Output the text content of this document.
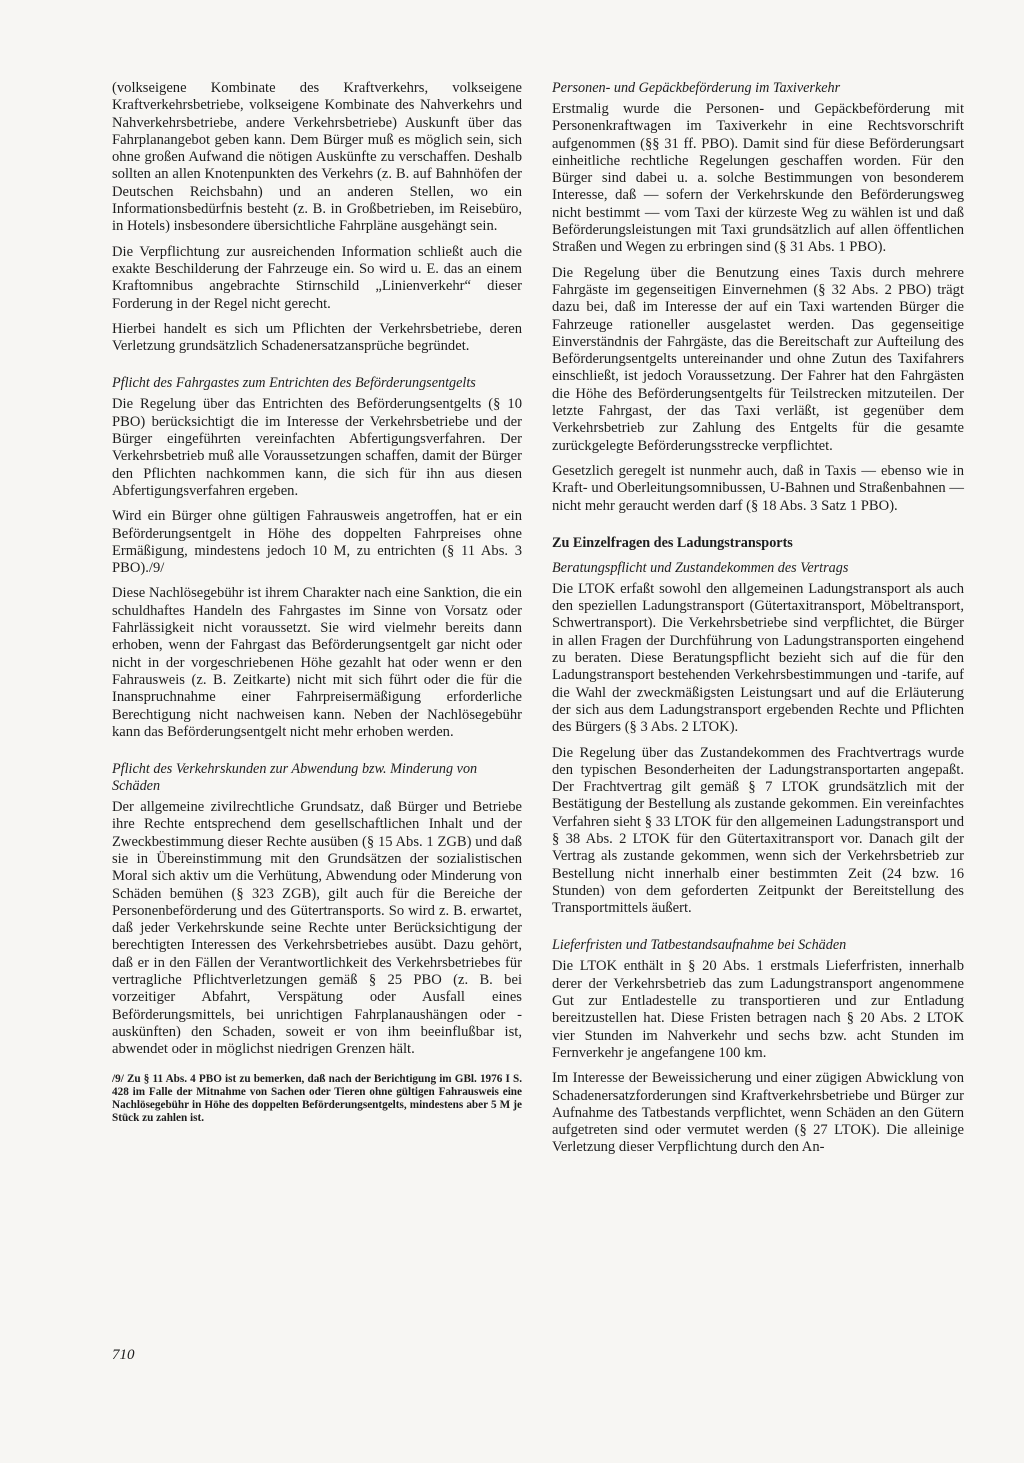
(volkseigene Kombinate des Kraftverkehrs, volkseigene Kraftverkehrsbetriebe, volkseigene Kombinate des Nahverkehrs und Nahverkehrsbetriebe, andere Verkehrsbetriebe) Auskunft über das Fahrplanangebot geben kann. Dem Bürger muß es möglich sein, sich ohne großen Aufwand die nötigen Auskünfte zu verschaffen. Deshalb sollten an allen Knotenpunkten des Verkehrs (z. B. auf Bahnhöfen der Deutschen Reichsbahn) und an anderen Stellen, wo ein Informationsbedürfnis besteht (z. B. in Großbetrieben, im Reisebüro, in Hotels) insbesondere übersichtliche Fahrpläne ausgehängt sein.

Die Verpflichtung zur ausreichenden Information schließt auch die exakte Beschilderung der Fahrzeuge ein. So wird u. E. das an einem Kraftomnibus angebrachte Stirnschild „Linienverkehr“ dieser Forderung in der Regel nicht gerecht.

Hierbei handelt es sich um Pflichten der Verkehrsbetriebe, deren Verletzung grundsätzlich Schadenersatzansprüche begründet.

Pflicht des Fahrgastes zum Entrichten des Beförderungsentgelts

Die Regelung über das Entrichten des Beförderungsentgelts (§ 10 PBO) berücksichtigt die im Interesse der Verkehrsbetriebe und der Bürger eingeführten vereinfachten Abfertigungsverfahren. Der Verkehrsbetrieb muß alle Voraussetzungen schaffen, damit der Bürger den Pflichten nachkommen kann, die sich für ihn aus diesen Abfertigungsverfahren ergeben.

Wird ein Bürger ohne gültigen Fahrausweis angetroffen, hat er ein Beförderungsentgelt in Höhe des doppelten Fahrpreises ohne Ermäßigung, mindestens jedoch 10 M, zu entrichten (§ 11 Abs. 3 PBO)./9/

Diese Nachlösegebühr ist ihrem Charakter nach eine Sanktion, die ein schuldhaftes Handeln des Fahrgastes im Sinne von Vorsatz oder Fahrlässigkeit nicht voraussetzt. Sie wird vielmehr bereits dann erhoben, wenn der Fahrgast das Beförderungsentgelt gar nicht oder nicht in der vorgeschriebenen Höhe gezahlt hat oder wenn er den Fahrausweis (z. B. Zeitkarte) nicht mit sich führt oder die für die Inanspruchnahme einer Fahrpreisermäßigung erforderliche Berechtigung nicht nachweisen kann. Neben der Nachlösegebühr kann das Beförderungsentgelt nicht mehr erhoben werden.

Pflicht des Verkehrskunden zur Abwendung bzw. Minderung von Schäden

Der allgemeine zivilrechtliche Grundsatz, daß Bürger und Betriebe ihre Rechte entsprechend dem gesellschaftlichen Inhalt und der Zweckbestimmung dieser Rechte ausüben (§ 15 Abs. 1 ZGB) und daß sie in Übereinstimmung mit den Grundsätzen der sozialistischen Moral sich aktiv um die Verhütung, Abwendung oder Minderung von Schäden bemühen (§ 323 ZGB), gilt auch für die Bereiche der Personenbeförderung und des Gütertransports. So wird z. B. erwartet, daß jeder Verkehrskunde seine Rechte unter Berücksichtigung der berechtigten Interessen des Verkehrsbetriebes ausübt. Dazu gehört, daß er in den Fällen der Verantwortlichkeit des Verkehrsbetriebes für vertragliche Pflichtverletzungen gemäß § 25 PBO (z. B. bei vorzeitiger Abfahrt, Verspätung oder Ausfall eines Beförderungsmittels, bei unrichtigen Fahrplanaushängen oder -auskünften) den Schaden, soweit er von ihm beeinflußbar ist, abwendet oder in möglichst niedrigen Grenzen hält.

/9/ Zu § 11 Abs. 4 PBO ist zu bemerken, daß nach der Berichtigung im GBl. 1976 I S. 428 im Falle der Mitnahme von Sachen oder Tieren ohne gültigen Fahrausweis eine Nachlösegebühr in Höhe des doppelten Beförderungsentgelts, mindestens aber 5 M je Stück zu zahlen ist.
Personen- und Gepäckbeförderung im Taxiverkehr

Erstmalig wurde die Personen- und Gepäckbeförderung mit Personenkraftwagen im Taxiverkehr in eine Rechtsvorschrift aufgenommen (§§ 31 ff. PBO). Damit sind für diese Beförderungsart einheitliche rechtliche Regelungen geschaffen worden. Für den Bürger sind dabei u. a. solche Bestimmungen von besonderem Interesse, daß — sofern der Verkehrskunde den Beförderungsweg nicht bestimmt — vom Taxi der kürzeste Weg zu wählen ist und daß Beförderungsleistungen mit Taxi grundsätzlich auf allen öffentlichen Straßen und Wegen zu erbringen sind (§ 31 Abs. 1 PBO).

Die Regelung über die Benutzung eines Taxis durch mehrere Fahrgäste im gegenseitigen Einvernehmen (§ 32 Abs. 2 PBO) trägt dazu bei, daß im Interesse der auf ein Taxi wartenden Bürger die Fahrzeuge rationeller ausgelastet werden. Das gegenseitige Einverständnis der Fahrgäste, das die Bereitschaft zur Aufteilung des Beförderungsentgelts untereinander und ohne Zutun des Taxifahrers einschließt, ist jedoch Voraussetzung. Der Fahrer hat den Fahrgästen die Höhe des Beförderungsentgelts für Teilstrecken mitzuteilen. Der letzte Fahrgast, der das Taxi verläßt, ist gegenüber dem Verkehrsbetrieb zur Zahlung des Entgelts für die gesamte zurückgelegte Beförderungsstrecke verpflichtet.

Gesetzlich geregelt ist nunmehr auch, daß in Taxis — ebenso wie in Kraft- und Oberleitungsomnibussen, U-Bahnen und Straßenbahnen — nicht mehr geraucht werden darf (§ 18 Abs. 3 Satz 1 PBO).

Zu Einzelfragen des Ladungstransports
Beratungspflicht und Zustandekommen des Vertrags

Die LTOK erfaßt sowohl den allgemeinen Ladungstransport als auch den speziellen Ladungstransport (Gütertaxitransport, Möbeltransport, Schwertransport). Die Verkehrsbetriebe sind verpflichtet, die Bürger in allen Fragen der Durchführung von Ladungstransporten eingehend zu beraten. Diese Beratungspflicht bezieht sich auf die für den Ladungstransport bestehenden Verkehrsbestimmungen und -tarife, auf die Wahl der zweckmäßigsten Leistungsart und auf die Erläuterung der sich aus dem Ladungstransport ergebenden Rechte und Pflichten des Bürgers (§ 3 Abs. 2 LTOK).

Die Regelung über das Zustandekommen des Frachtvertrags wurde den typischen Besonderheiten der Ladungstransportarten angepaßt. Der Frachtvertrag gilt gemäß § 7 LTOK grundsätzlich mit der Bestätigung der Bestellung als zustande gekommen. Ein vereinfachtes Verfahren sieht § 33 LTOK für den allgemeinen Ladungstransport und § 38 Abs. 2 LTOK für den Gütertaxitransport vor. Danach gilt der Vertrag als zustande gekommen, wenn sich der Verkehrsbetrieb zur Bestellung nicht innerhalb einer bestimmten Zeit (24 bzw. 16 Stunden) von dem geforderten Zeitpunkt der Bereitstellung des Transportmittels äußert.

Lieferfristen und Tatbestandsaufnahme bei Schäden

Die LTOK enthält in § 20 Abs. 1 erstmals Lieferfristen, innerhalb derer der Verkehrsbetrieb das zum Ladungstransport angenommene Gut zur Entladestelle zu transportieren und zur Entladung bereitzustellen hat. Diese Fristen betragen nach § 20 Abs. 2 LTOK vier Stunden im Nahverkehr und sechs bzw. acht Stunden im Fernverkehr je angefangene 100 km.

Im Interesse der Beweissicherung und einer zügigen Abwicklung von Schadenersatzforderungen sind Kraftverkehrsbetriebe und Bürger zur Aufnahme des Tatbestands verpflichtet, wenn Schäden an den Gütern aufgetreten sind oder vermutet werden (§ 27 LTOK). Die alleinige Verletzung dieser Verpflichtung durch den An-

710
